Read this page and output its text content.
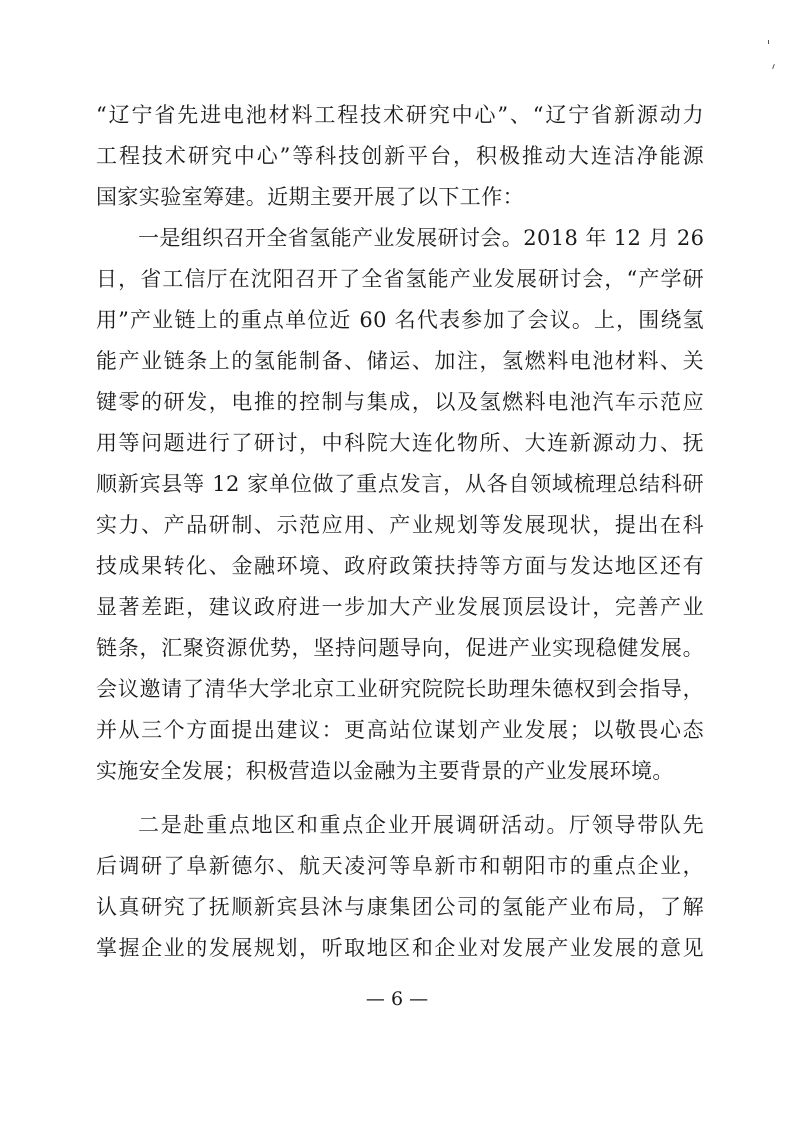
“辽宁省先进电池材料工程技术研究中心”、“辽宁省新源动力
工程技术研究中心”等科技创新平台，积极推动大连洁净能源
国家实验室筹建。近期主要开展了以下工作：
一是组织召开全省氢能产业发展研讨会。2018 年 12 月 26
日，省工信厅在沈阳召开了全省氢能产业发展研讨会，“产学研
用”产业链上的重点单位近 60 名代表参加了会议。上，围绕氢
能产业链条上的氢能制备、储运、加注，氢燃料电池材料、关
键零的研发，电推的控制与集成，以及氢燃料电池汽车示范应
用等问题进行了研讨，中科院大连化物所、大连新源动力、抚
顺新宾县等 12 家单位做了重点发言，从各自领域梳理总结科研
实力、产品研制、示范应用、产业规划等发展现状，提出在科
技成果转化、金融环境、政府政策扶持等方面与发达地区还有
显著差距，建议政府进一步加大产业发展顶层设计，完善产业
链条，汇聚资源优势，坚持问题导向，促进产业实现稳健发展。
会议邀请了清华大学北京工业研究院院长助理朱德权到会指导，
并从三个方面提出建议：更高站位谋划产业发展；以敬畏心态
实施安全发展；积极营造以金融为主要背景的产业发展环境。
二是赴重点地区和重点企业开展调研活动。厅领导带队先
后调研了阜新德尔、航天凌河等阜新市和朝阳市的重点企业，
认真研究了抚顺新宾县沐与康集团公司的氢能产业布局，了解
掌握企业的发展规划，听取地区和企业对发展产业发展的意见
— 6 —
